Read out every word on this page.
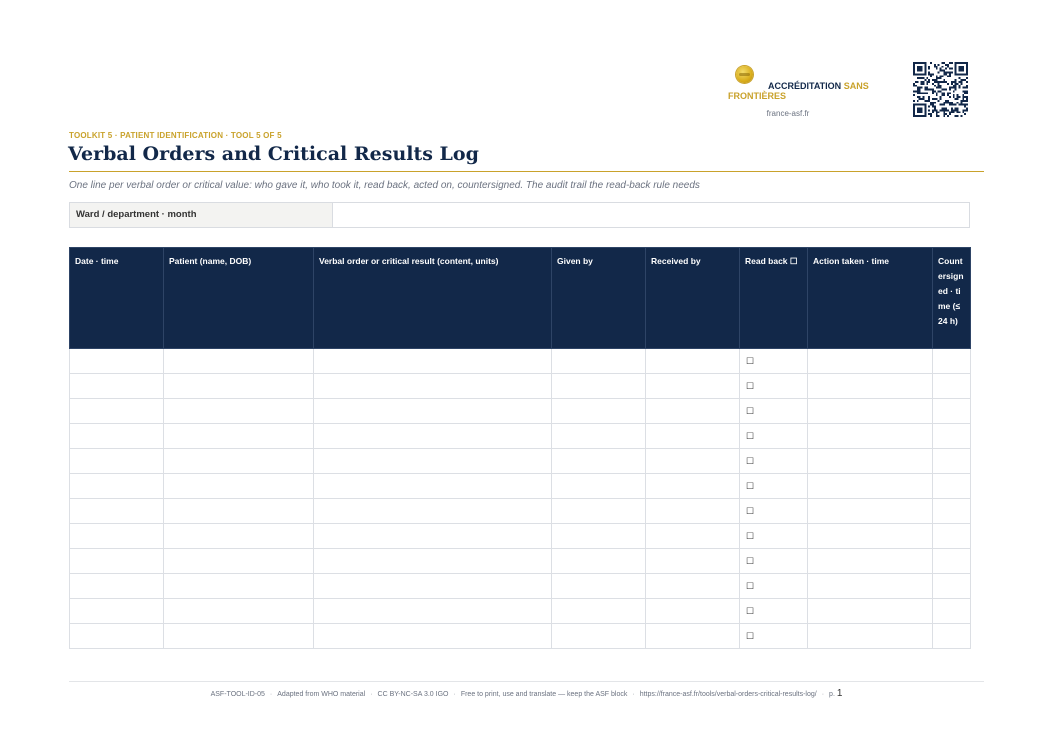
ACCRÉDITATION SANS
FRONTIÈRES
france-asf.fr
TOOLKIT 5 · PATIENT IDENTIFICATION · TOOL 5 OF 5
Verbal Orders and Critical Results Log
One line per verbal order or critical value: who gave it, who took it, read back, acted on, countersigned. The audit trail the read-back rule needs
Ward / department · month
Date · time	Patient (name, DOB)	Verbal order or critical result (content, units)	Given by	Received by	Read back ☐	Action taken · time	Countersigned · time (≤ 24 h)
					☐		
					☐		
					☐		
					☐		
					☐		
					☐		
					☐		
					☐		
					☐		
					☐		
					☐		
					☐		
ASF-TOOL-ID-05 · Adapted from WHO material · CC BY-NC-SA 3.0 IGO · Free to print, use and translate — keep the ASF block · https://france-asf.fr/tools/verbal-orders-critical-results-log/ · p. 1
